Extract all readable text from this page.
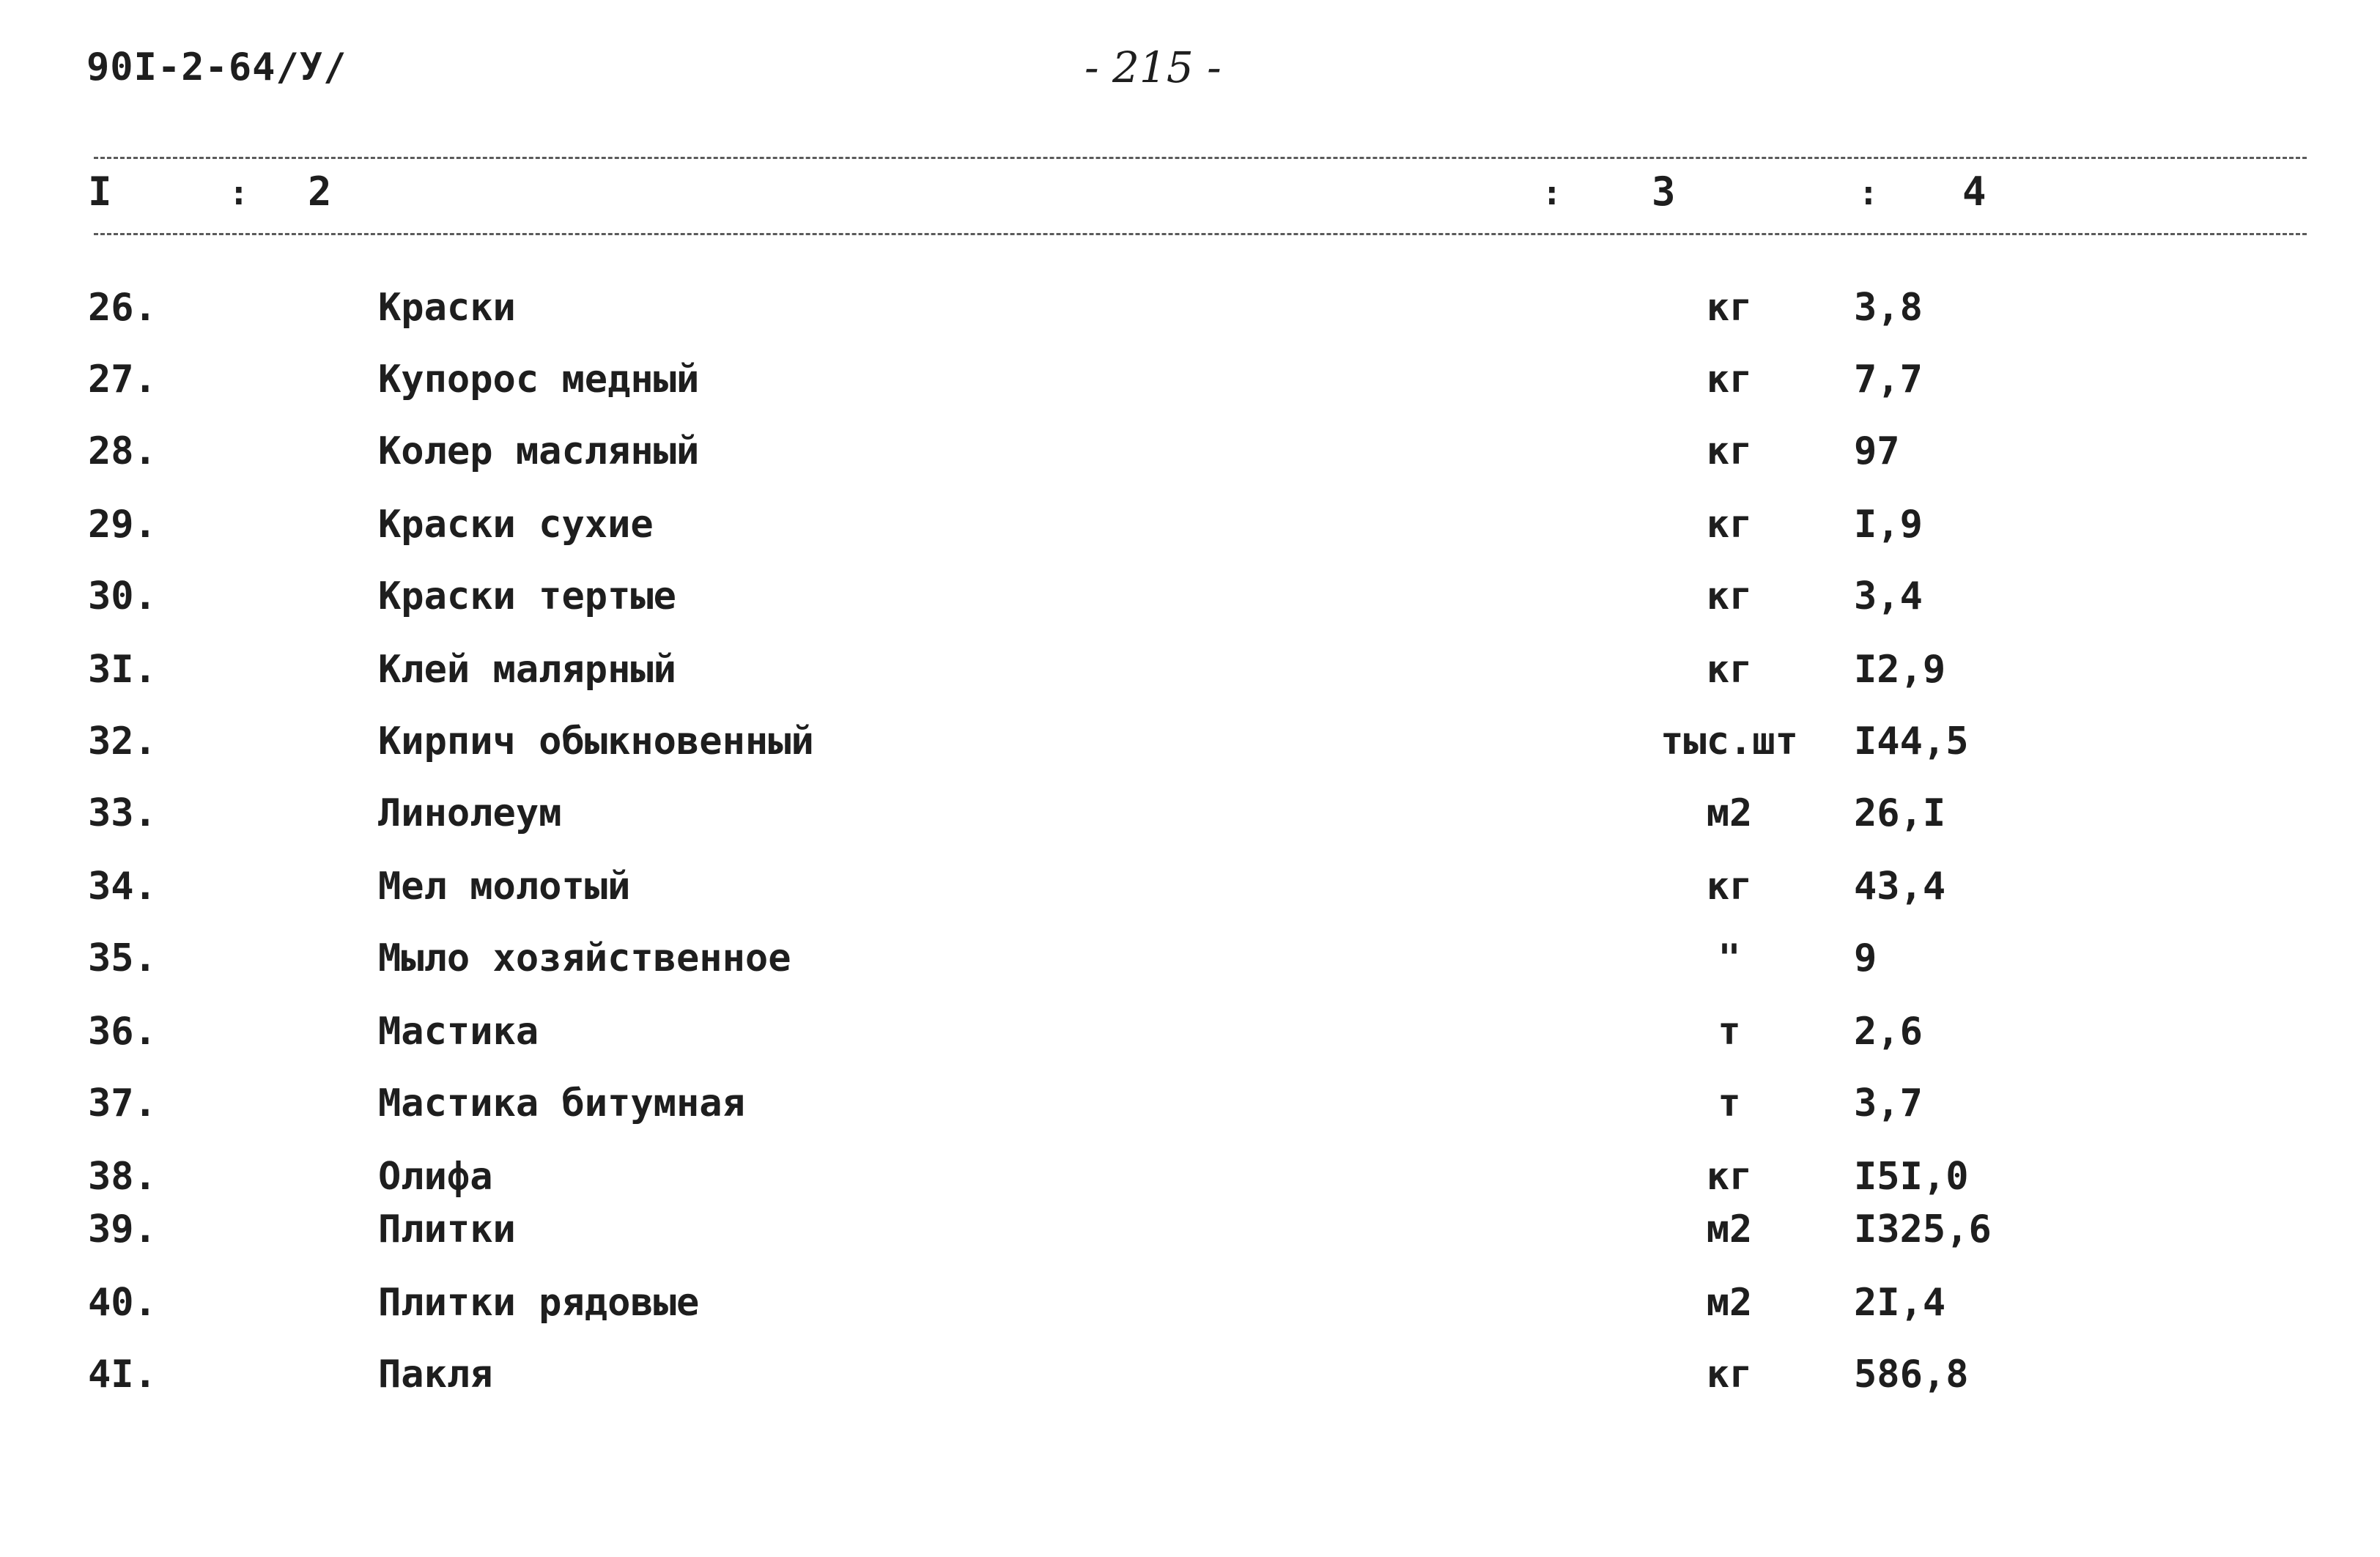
90I-2-64/У/	- 215 -
I	: 2	: 3	: 4
26.	Краски	кг	3,8
27.	Купорос медный	кг	7,7
28.	Колер масляный	кг	97
29.	Краски сухие	кг	I,9
30.	Краски тертые	кг	3,4
3I.	Клей малярный	кг	I2,9
32.	Кирпич обыкновенный	тыс.шт	I44,5
33.	Линолеум	м2	26,I
34.	Мел молотый	кг	43,4
35.	Мыло хозяйственное	"	9
36.	Мастика	т	2,6
37.	Мастика битумная	т	3,7
38.	Олифа	кг	I5I,0
39.	Плитки	м2	I325,6
40.	Плитки рядовые	м2	2I,4
4I.	Пакля	кг	586,8
